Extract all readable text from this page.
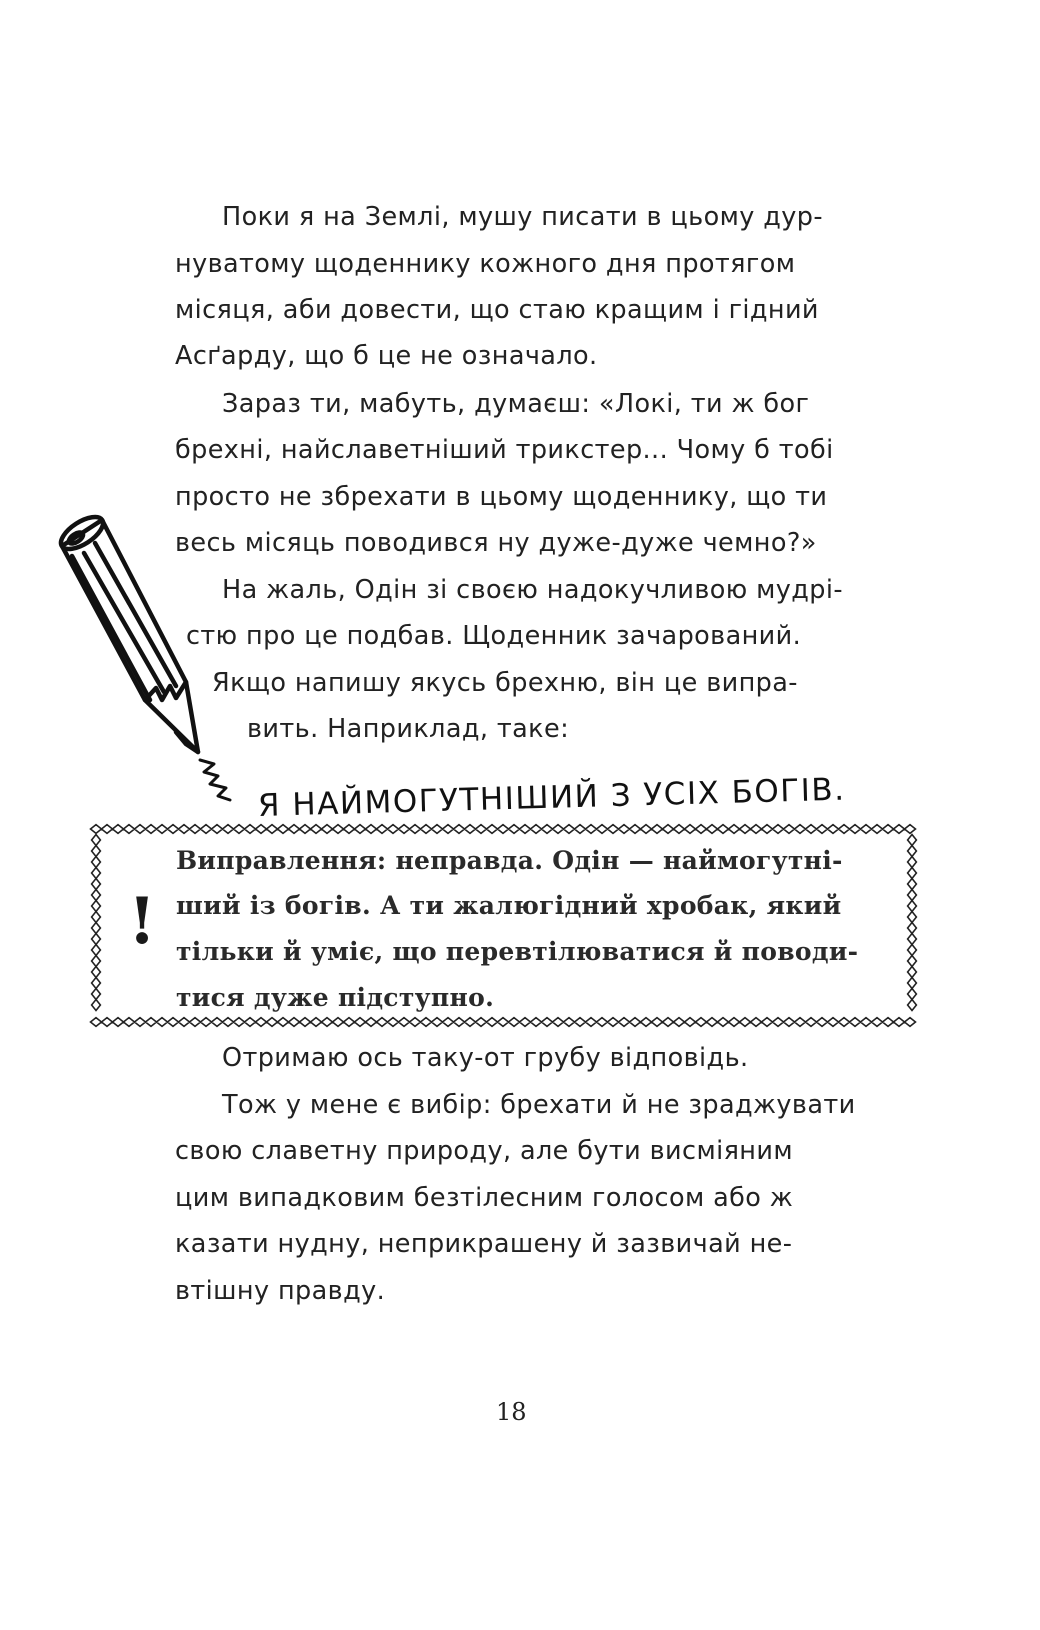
Поки я на Землі, мушу писати в цьому дур-
нуватому щоденнику кожного дня протягом
місяця, аби довести, що стаю кращим і гідний
Асґарду, що б це не означало.
Зараз ти, мабуть, думаєш: «Локі, ти ж бог
брехні, найславетніший трикстер... Чому б тобі
просто не збрехати в цьому щоденнику, що ти
весь місяць поводився ну дуже-дуже чемно?»
На жаль, Одін зі своєю надокучливою мудрі-
стю про це подбав. Щоденник зачарований.
Якщо напишу якусь брехню, він це випра-
вить. Наприклад, таке:
Я НАЙМОГУТНІШИЙ З УСІХ БОГІВ.
!
Виправлення: неправда. Одін — наймогутні-
ший із богів. А ти жалюгідний хробак, який
тільки й уміє, що перевтілюватися й поводи-
тися дуже підступно.
Отримаю ось таку-от грубу відповідь.
Тож у мене є вибір: брехати й не зраджувати
свою славетну природу, але бути висміяним
цим випадковим безтілесним голосом або ж
казати нудну, неприкрашену й зазвичай не-
втішну правду.
18
